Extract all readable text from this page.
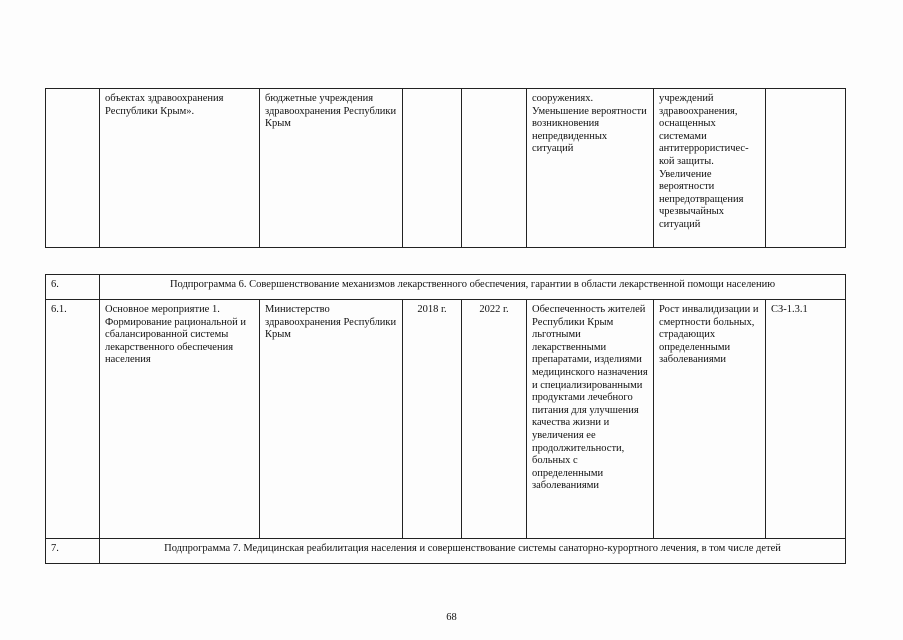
	объектах здравоохранения Республики Крым».	бюджетные учреждения здравоохранения Республики Крым			сооружениях. Уменьшение вероятности возникновения непредвиденных ситуаций	учреждений здравоохранения, оснащенных системами антитеррористичес-кой защиты. Увеличение вероятности непредотвращения чрезвычайных ситуаций	
6.	Подпрограмма 6. Совершенствование механизмов лекарственного обеспечения, гарантии в области лекарственной помощи населению						
6.1.	Основное мероприятие 1. Формирование рациональной и сбалансированной системы лекарственного обеспечения населения	Министерство здравоохранения Республики Крым	2018 г.	2022 г.	Обеспеченность жителей Республики Крым льготными лекарственными препаратами, изделиями медицинского назначения и специализированными продуктами лечебного питания для улучшения качества жизни и увеличения ее продолжительности, больных с определенными заболеваниями	Рост инвалидизации и смертности больных, страдающих определенными заболеваниями	СЗ-1.3.1
7.	Подпрограмма 7. Медицинская реабилитация населения и совершенствование системы санаторно-курортного лечения, в том числе детей						
68
